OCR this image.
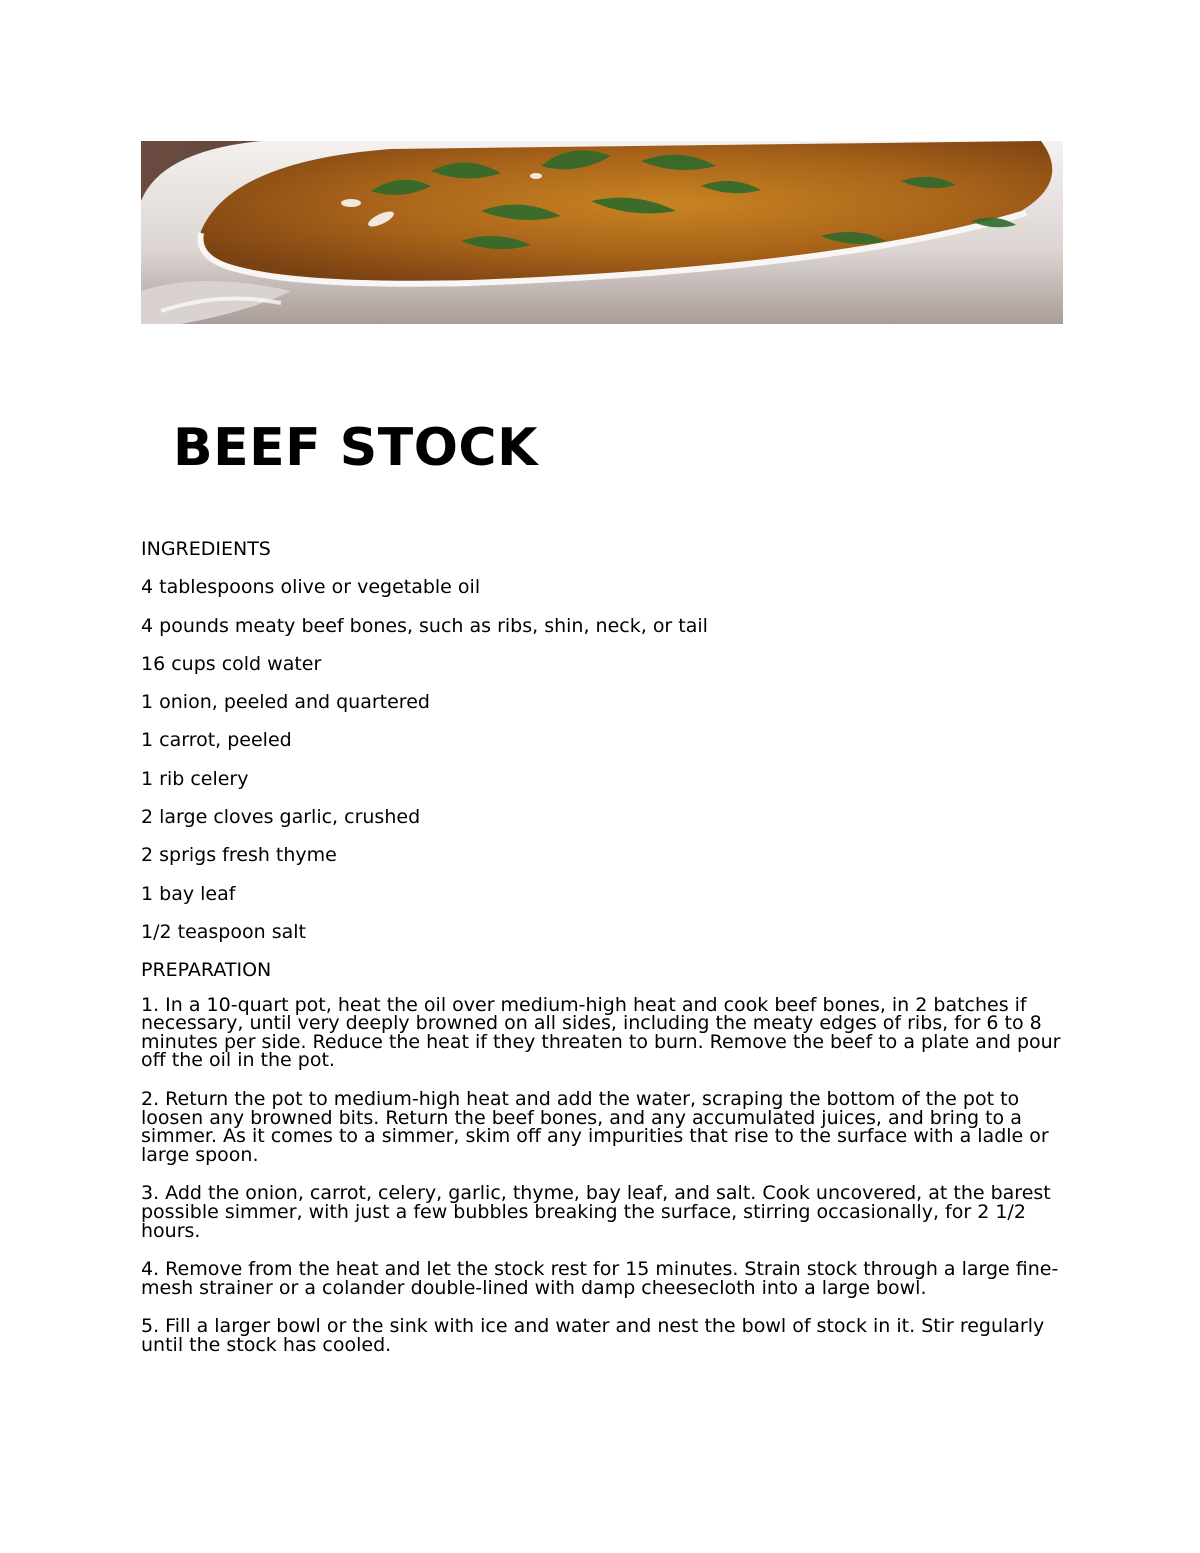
BEEF STOCK

INGREDIENTS

4 tablespoons olive or vegetable oil

4 pounds meaty beef bones, such as ribs, shin, neck, or tail

16 cups cold water

1 onion, peeled and quartered

1 carrot, peeled

1 rib celery

2 large cloves garlic, crushed

2 sprigs fresh thyme

1 bay leaf

1/2 teaspoon salt

PREPARATION

1. In a 10-quart pot, heat the oil over medium-high heat and cook beef bones, in 2 batches if necessary, until very deeply browned on all sides, including the meaty edges of ribs, for 6 to 8 minutes per side. Reduce the heat if they threaten to burn. Remove the beef to a plate and pour off the oil in the pot.

2. Return the pot to medium-high heat and add the water, scraping the bottom of the pot to loosen any browned bits. Return the beef bones, and any accumulated juices, and bring to a simmer. As it comes to a simmer, skim off any impurities that rise to the surface with a ladle or large spoon.

3. Add the onion, carrot, celery, garlic, thyme, bay leaf, and salt. Cook uncovered, at the barest possible simmer, with just a few bubbles breaking the surface, stirring occasionally, for 2 1/2 hours.

4. Remove from the heat and let the stock rest for 15 minutes. Strain stock through a large fine-mesh strainer or a colander double-lined with damp cheesecloth into a large bowl.

5. Fill a larger bowl or the sink with ice and water and nest the bowl of stock in it. Stir regularly until the stock has cooled.
